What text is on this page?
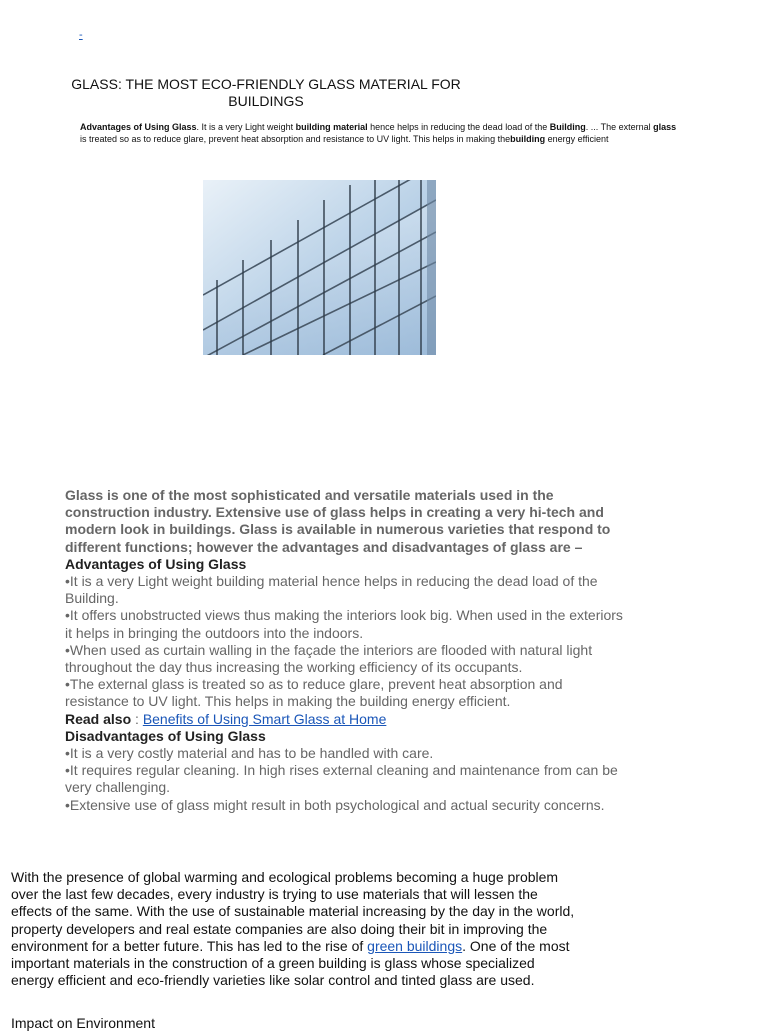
-
GLASS: THE MOST ECO-FRIENDLY GLASS MATERIAL FOR BUILDINGS
Advantages of Using Glass. It is a very Light weight building material hence helps in reducing the dead load of the Building. ... The external glass is treated so as to reduce glare, prevent heat absorption and resistance to UV light. This helps in making thebuilding energy efficient

Glass is one of the most sophisticated and versatile materials used in the construction industry. Extensive use of glass helps in creating a very hi-tech and modern look in buildings. Glass is available in numerous varieties that respond to different functions; however the advantages and disadvantages of glass are –

Advantages of Using Glass

•It is a very Light weight building material hence helps in reducing the dead load of the Building.

•It offers unobstructed views thus making the interiors look big. When used in the exteriors it helps in bringing the outdoors into the indoors.

•When used as curtain walling in the façade the interiors are flooded with natural light throughout the day thus increasing the working efficiency of its occupants.

•The external glass is treated so as to reduce glare, prevent heat absorption and resistance to UV light. This helps in making the building energy efficient.

Read also : Benefits of Using Smart Glass at Home

Disadvantages of Using Glass

•It is a very costly material and has to be handled with care.

•It requires regular cleaning. In high rises external cleaning and maintenance from can be very challenging.

•Extensive use of glass might result in both psychological and actual security concerns.

With the presence of global warming and ecological problems becoming a huge problem over the last few decades, every industry is trying to use materials that will lessen the effects of the same. With the use of sustainable material increasing by the day in the world, property developers and real estate companies are also doing their bit in improving the environment for a better future. This has led to the rise of green buildings. One of the most important materials in the construction of a green building is glass whose specialized energy efficient and eco-friendly varieties like solar control and tinted glass are used.
Impact on Environment
